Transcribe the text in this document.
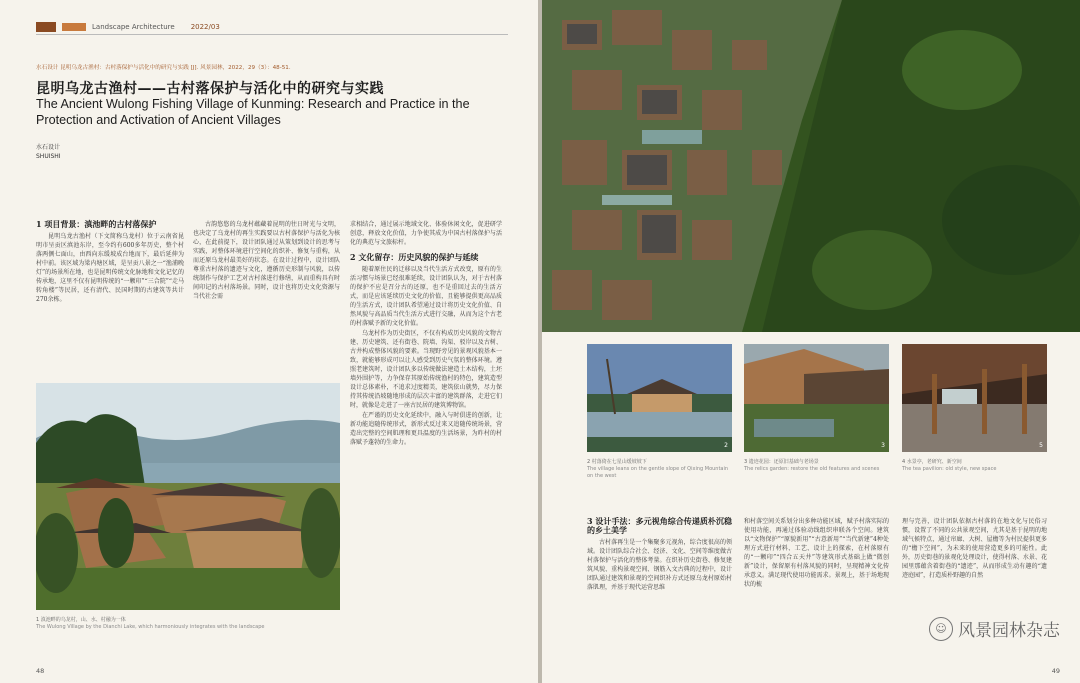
Landscape Architecture 2022/03
水石设计 昆明乌龙古渔村：古村落保护与活化中的研究与实践 [J]. 风景园林，2022，29（3）：48-51.
昆明乌龙古渔村——古村落保护与活化中的研究与实践
The Ancient Wulong Fishing Village of Kunming: Research and Practice in the Protection and Activation of Ancient Villages
水石设计
SHUISHI
1 项目背景：滇池畔的古村落保护

昆明乌龙古渔村（下文简称乌龙村）位于云南省昆明市呈贡区滇池东岸，至今约有600多年历史，整个村落两侧七面山，由西向东缓坡成台地而下，最后延伸为村中前。该区域为梁内塘区域，是呈贡八景之一“渔浦晚灯”的场景所在地，也是昆明传统文化脉地和文化记忆的传承地，这里不仅有昆明传统的“一颗印”“三合院”“走马转角楼”等民居，还有清代、民国时期的古建筑等共计270余栋。

古韵悠悠的乌龙村蕴藏着昆明的往日时光与文明，也决定了乌龙村的再生实践要以古村落保护与活化为核心，在此前提下，设计团队通过从策划到设计的思考与实践，对整体环境进行空间化的织补、修复与重构，从而还原乌龙村最美好的状态。在设计过程中，设计团队尊重古村落的遗迹与文化，遵循历史形制与风貌，以传统制作与保护工艺对古村落进行修缮，从而重构具有时间印记的古村落场景。同时，设计也将历史文化资源与当代社会需

求相结合，通过展示地域文化、体验休闲文化，促进研学创意，释放文化价值，力争使其成为中国古村落保护与活化的典范与文旅标杆。

2 文化留存：历史风貌的保护与延续

随着原住民的迁移以及当代生活方式改变，原有的生活习惯与场景已经很难延续，设计团队认为，对于古村落的保护不应是召分古的还原，也不是重回过去的生活方式，而是应该延续历史文化的价值，且能够提供更高品质的生活方式，设计团队希望通过设计将历史文化价值、自然风貌与高品质当代生活方式进行交融，从而为这个古老的村落赋予新的文化价值。

乌龙村作为历史街区，不仅有构成历史风貌的文物古建、历史建筑、还有街巷、院墙、沟渠、驳岸以及古树、古井构成整体风貌的要素。当现野旁见的景观风貌基本一致，就能够形成可以让人感受到历史气氛的整体环境。遵照老建筑时，设计团队多以传统做法建造土木结构，土坯墙外围护等，力争保存其原始传统渔村的特色，建筑造型设计总体素朴，不追求过度精美，建筑依山就势，尽力保持其传统沿坡随地形成的层次丰富的建筑群落，走进它们时，就像是走进了一座古民居的建筑博物馆。

在严谨的历史文化延续中，融入与时俱进的创新，让新功能追随传统形式，新形式反过来又追随传统场景，营造出完整的空间肌理和更具温度的生活场景，为昨村的村落赋予蓬勃的生命力。

1 滇池畔的乌龙村，山、水、村融为一体
The Wulong Village by the Dianchi Lake, which harmoniously integrates with the landscape
48
2	3	5
2 村落倚在七星山缓坡坡下
The village leans on the gentle slope of Qixing Mountain on the west
3 遗迹花园：还原旧基础与老场景
The relics garden: restore the old features and scenes
4 水景亭，老研究、新空间
The tea pavilion: old style, new space
3 设计手法：多元视角综合传递质朴沉稳的乡土美学

古村落再生是一个集聚多元视角，综合度很高的领域。设计团队综合社会、经济、文化、空间等维度做古村落保护与活化的整体考量。在织补历史街巷、修复建筑风貌、重构景观空间、钢筋入文古典的过程中，设计团队通过建筑和景观的空间织补方式还原乌龙村原始村落肌理，并基于现代运营思维

和村落空间关系划分出多种功能区域，赋予村落实际的使用功能，再通过体验动线组织串联各个空间。建筑以“文物保护”“原貌新用”“古意新用”“当代新建”4种处理方式进行材料、工艺、设计上的探索，在村落原有的“一颗印”“四合五天井”等建筑形式基础上做“微创新”设计，保留原有村落风貌的同时，呈现精神文化传承意义。满足现代使用功能需求。景观上，基于场地现状的梳

理与完善，设计团队依据古村落的在地文化与民俗习惯，设置了不同的公共景观空间，尤其是基于昆明的地域气候特点，通过帘廊、大树、屋檐等为村民提供更多的“檐下空间”，为未来的使用营造更多的可能性。此外，历史街巷的景观化处理设计，使得村落、水景、花园里那蕴含着街巷的“遗迹”，从而形成生动有趣的“遗迹庭园”，打造质朴野趣的自然

☺ 风景园林杂志
49
